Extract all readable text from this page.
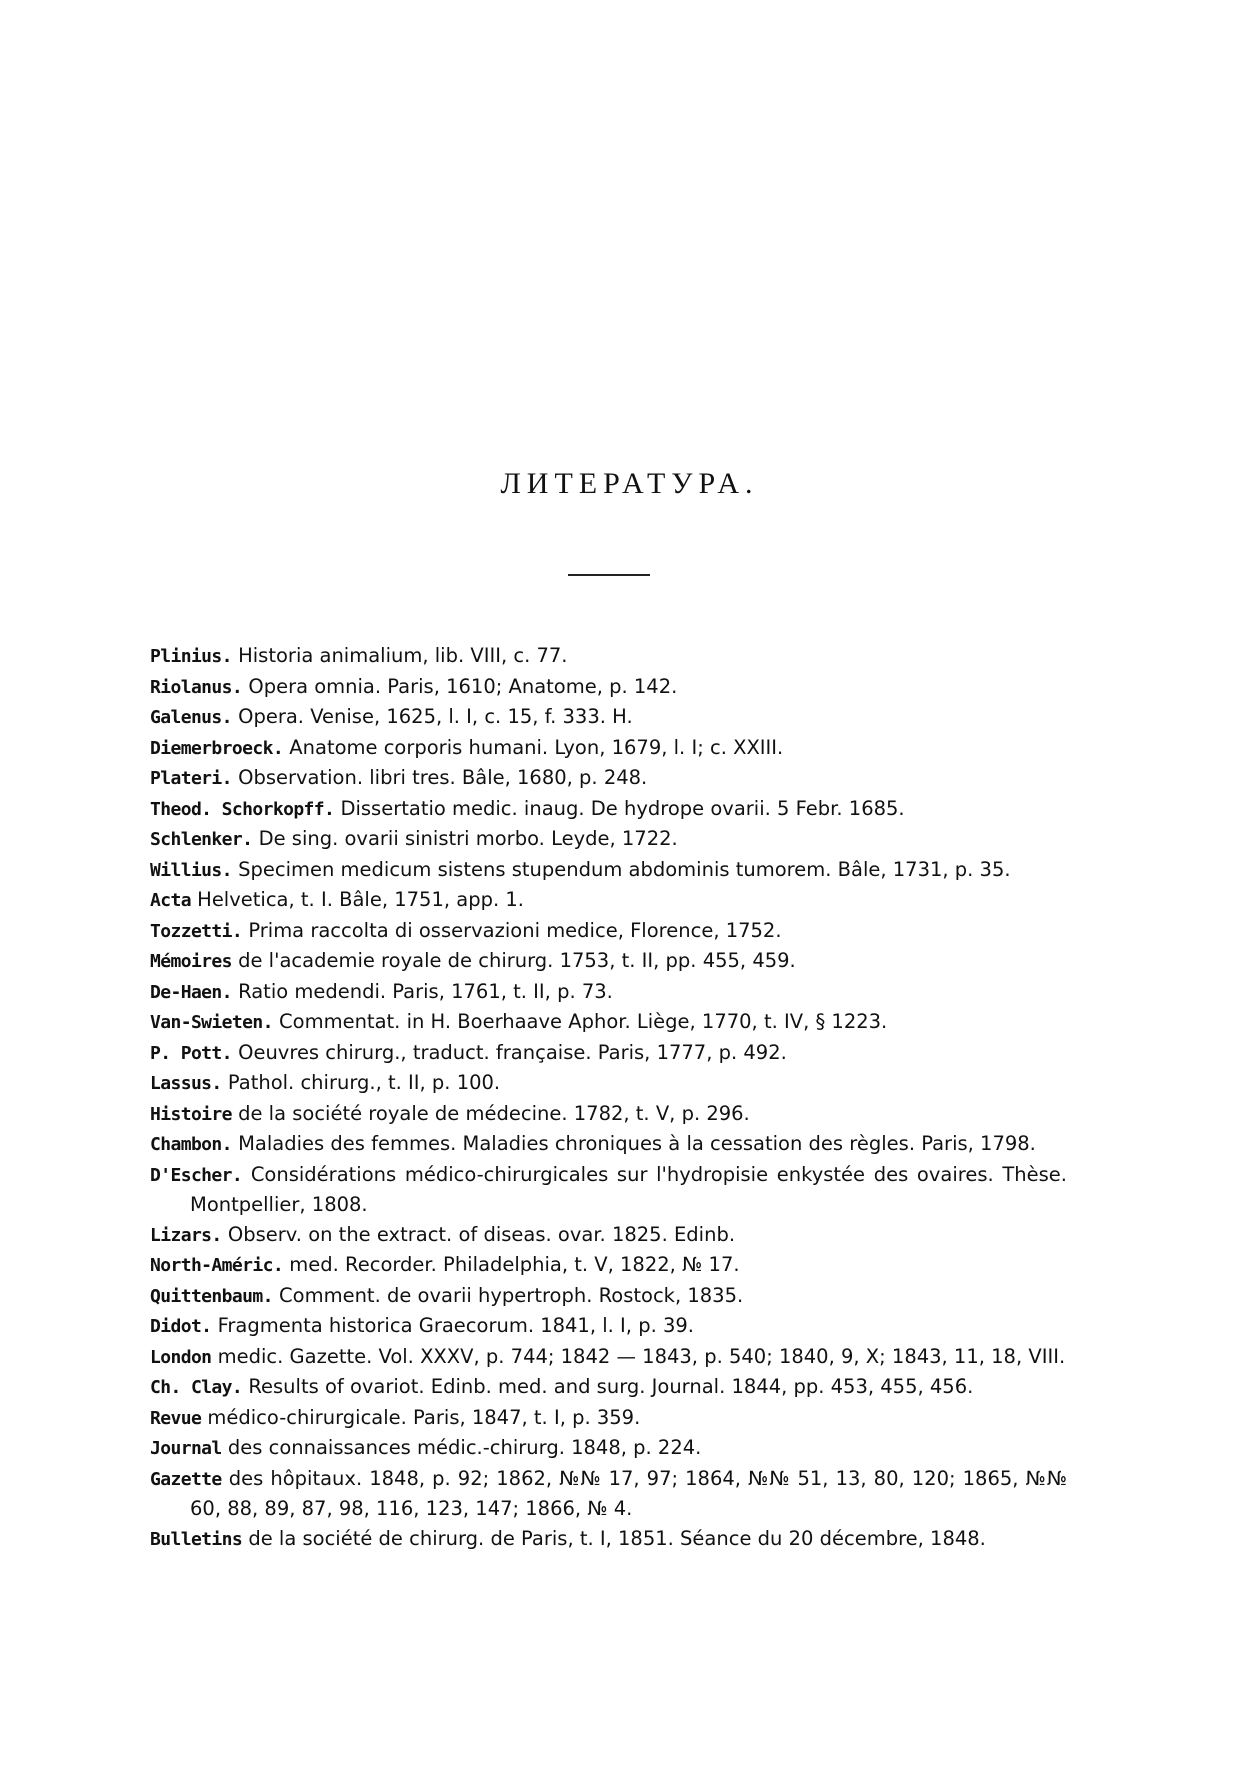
ЛИТЕРАТУРА.
Plinius. Historia animalium, lib. VIII, c. 77.
Riolanus. Opera omnia. Paris, 1610; Anatome, p. 142.
Galenus. Opera. Venise, 1625, l. I, c. 15, f. 333. H.
Diemerbroeck. Anatome corporis humani. Lyon, 1679, l. I; c. XXIII.
Plateri. Observation. libri tres. Bâle, 1680, p. 248.
Theod. Schorkopff. Dissertatio medic. inaug. De hydrope ovarii. 5 Febr. 1685.
Schlenker. De sing. ovarii sinistri morbo. Leyde, 1722.
Willius. Specimen medicum sistens stupendum abdominis tumorem. Bâle, 1731, p. 35.
Acta Helvetica, t. I. Bâle, 1751, app. 1.
Tozzetti. Prima raccolta di osservazioni medice, Florence, 1752.
Mémoires de l'academie royale de chirurg. 1753, t. II, pp. 455, 459.
De-Haen. Ratio medendi. Paris, 1761, t. II, p. 73.
Van-Swieten. Commentat. in H. Boerhaave Aphor. Liège, 1770, t. IV, § 1223.
P. Pott. Oeuvres chirurg., traduct. française. Paris, 1777, p. 492.
Lassus. Pathol. chirurg., t. II, p. 100.
Histoire de la société royale de médecine. 1782, t. V, p. 296.
Chambon. Maladies des femmes. Maladies chroniques à la cessation des règles. Paris, 1798.
D'Escher. Considérations médico-chirurgicales sur l'hydropisie enkystée des ovaires. Thèse. Montpellier, 1808.
Lizars. Observ. on the extract. of diseas. ovar. 1825. Edinb.
North-Améric. med. Recorder. Philadelphia, t. V, 1822, № 17.
Quittenbaum. Comment. de ovarii hypertroph. Rostock, 1835.
Didot. Fragmenta historica Graecorum. 1841, l. I, p. 39.
London medic. Gazette. Vol. XXXV, p. 744; 1842 — 1843, p. 540; 1840, 9, X; 1843, 11, 18, VIII.
Ch. Clay. Results of ovariot. Edinb. med. and surg. Journal. 1844, pp. 453, 455, 456.
Revue médico-chirurgicale. Paris, 1847, t. I, p. 359.
Journal des connaissances médic.-chirurg. 1848, p. 224.
Gazette des hôpitaux. 1848, p. 92; 1862, №№ 17, 97; 1864, №№ 51, 13, 80, 120; 1865, №№ 60, 88, 89, 87, 98, 116, 123, 147; 1866, № 4.
Bulletins de la société de chirurg. de Paris, t. I, 1851. Séance du 20 décembre, 1848.
